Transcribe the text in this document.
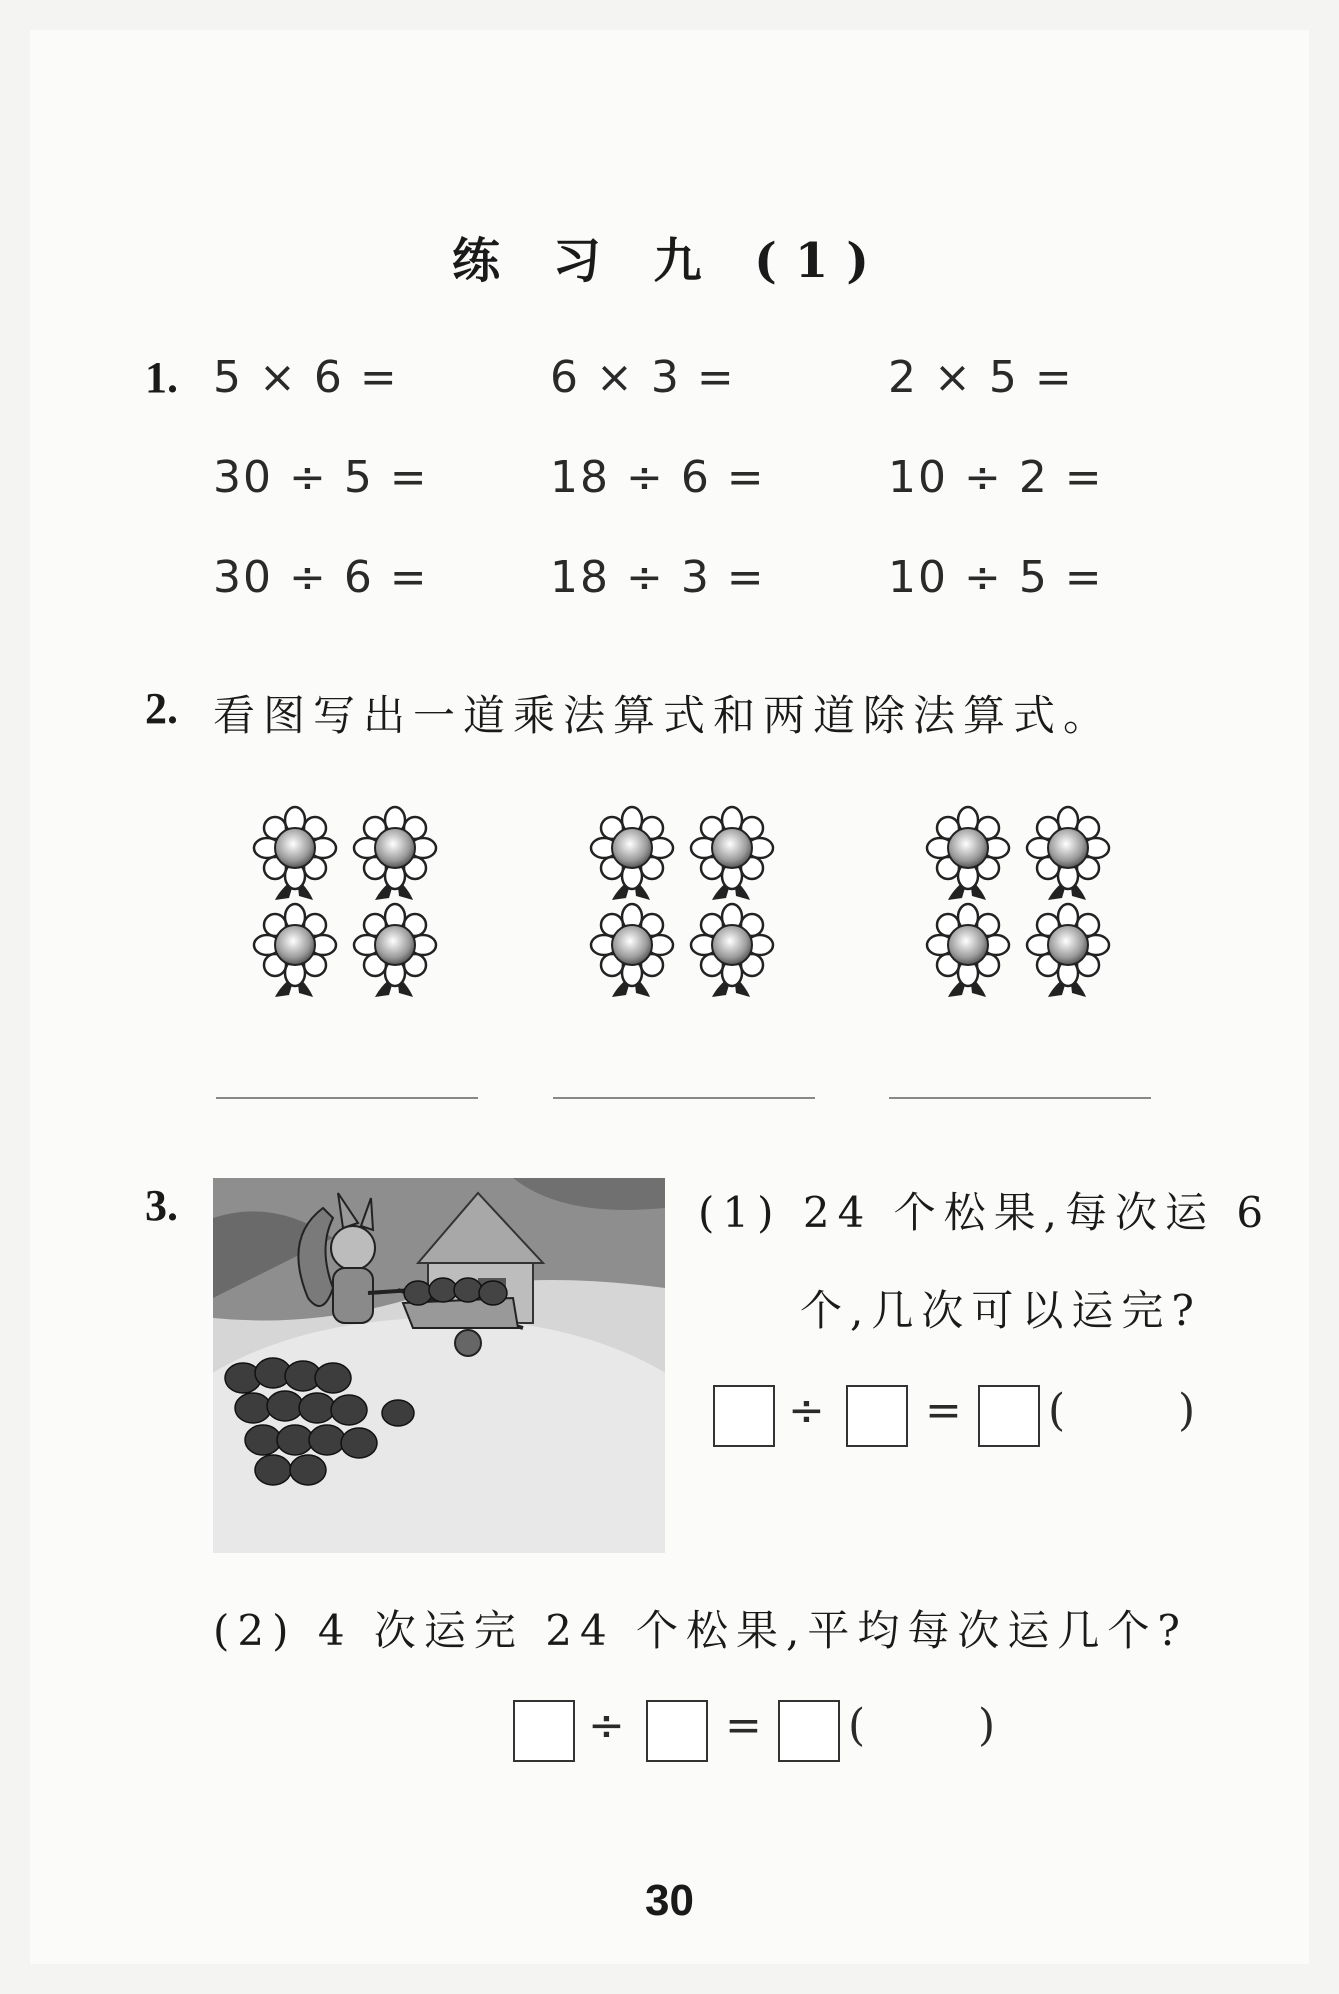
练 习 九 (1)
1. 5 × 6 =	6 × 3 =	2 × 5 =
30 ÷ 5 =	18 ÷ 6 =	10 ÷ 2 =
30 ÷ 6 =	18 ÷ 3 =	10 ÷ 5 =
2. 看图写出一道乘法算式和两道除法算式。
3.	(1) 24 个松果,每次运 6
个,几次可以运完?
÷ = (	)
(2) 4 次运完 24 个松果,平均每次运几个?
÷ = (	)
30
